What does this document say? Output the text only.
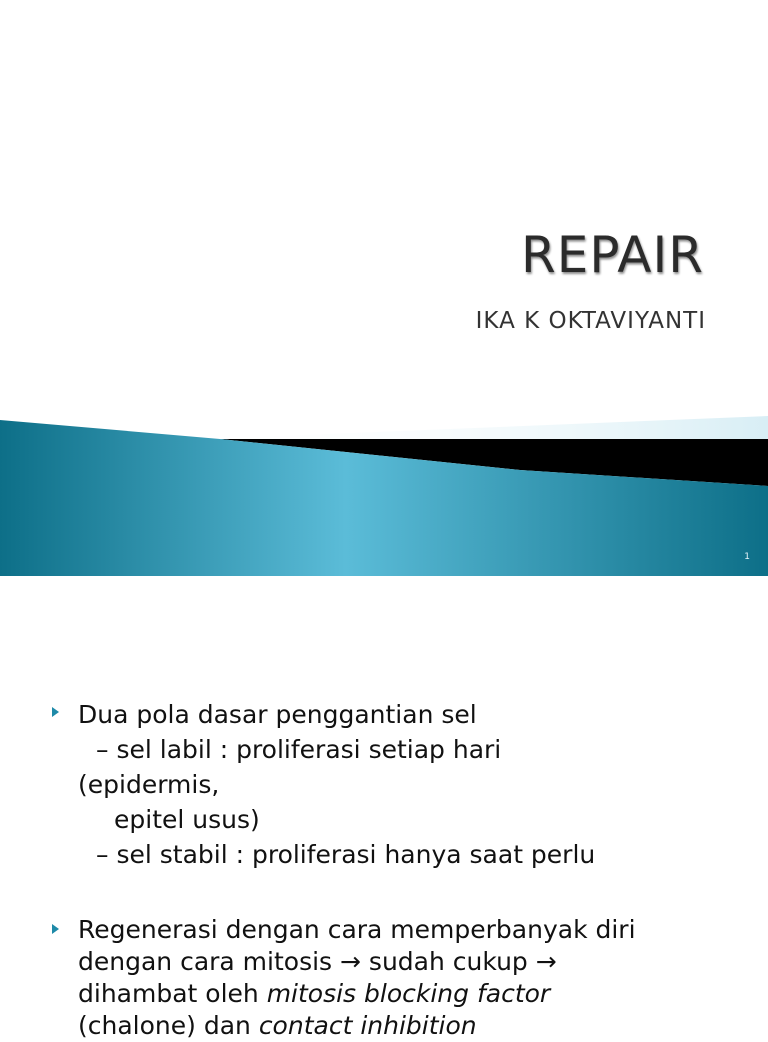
REPAIR
IKA K OKTAVIYANTI
1
Dua pola dasar penggantian sel
– sel labil : proliferasi setiap hari
(epidermis,
epitel usus)
– sel stabil : proliferasi hanya saat perlu
Regenerasi dengan cara memperbanyak diri
dengan cara mitosis → sudah cukup →
dihambat oleh mitosis blocking factor
(chalone) dan contact inhibition
